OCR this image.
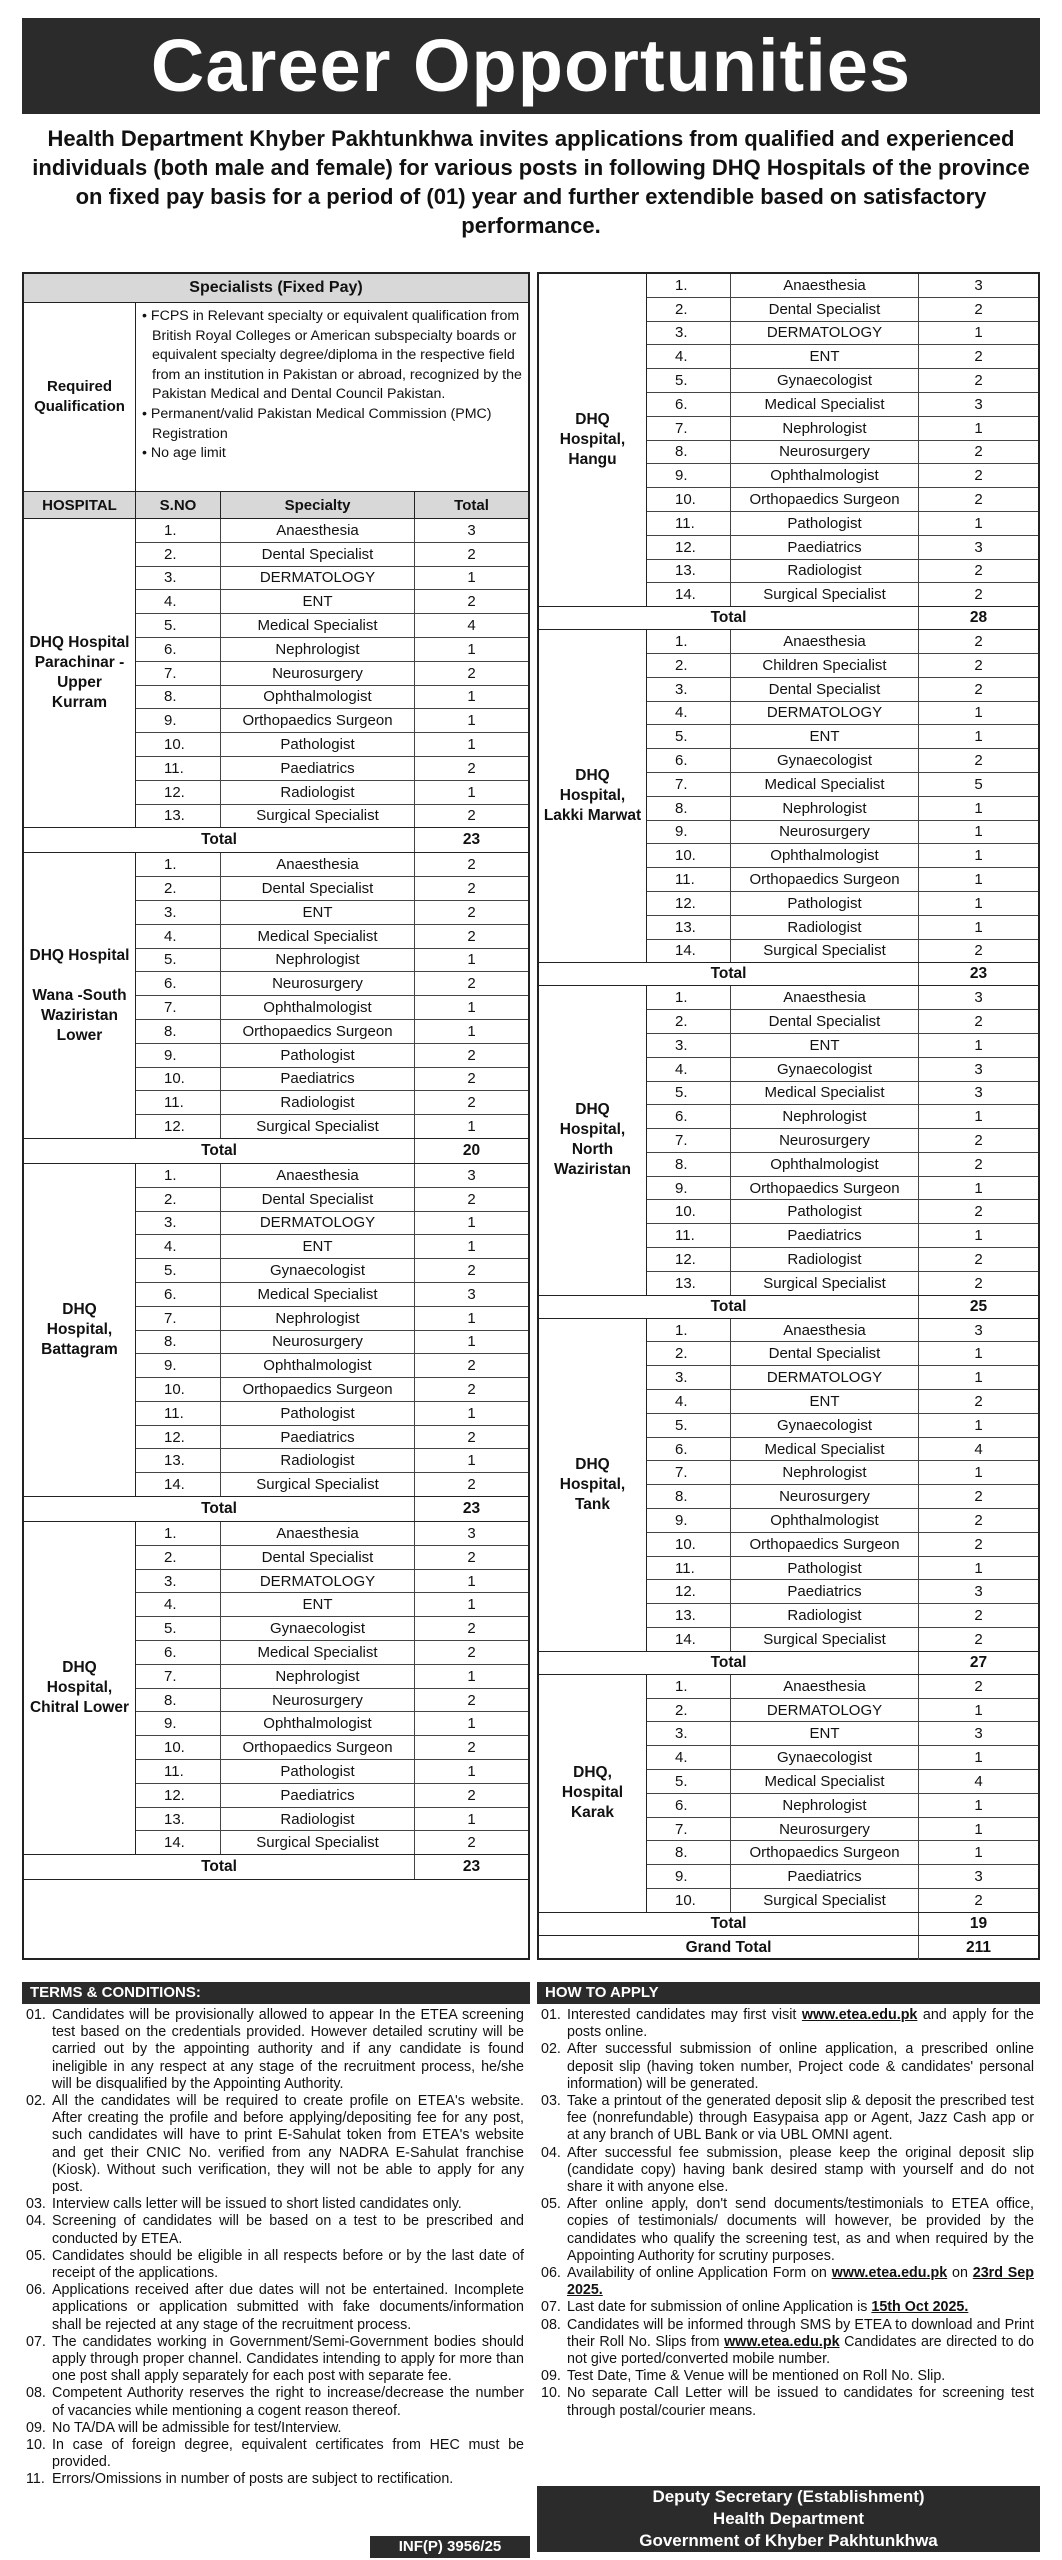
Career Opportunities
Health Department Khyber Pakhtunkhwa invites applications from qualified and experienced individuals (both male and female) for various posts in following DHQ Hospitals of the province on fixed pay basis for a period of (01) year and further extendible based on satisfactory performance.
Specialists (Fixed Pay)
Required Qualification
• FCPS in Relevant specialty or equivalent qualification from British Royal Colleges or American subspecialty boards or equivalent specialty degree/diploma in the respective field from an institution in Pakistan or abroad, recognized by the Pakistan Medical and Dental Council Pakistan.
• Permanent/valid Pakistan Medical Commission (PMC) Registration
• No age limit
HOSPITAL	S.NO	Specialty	Total
DHQ Hospital Parachinar - Upper Kurram
1.	Anaesthesia	3
2.	Dental Specialist	2
3.	DERMATOLOGY	1
4.	ENT	2
5.	Medical Specialist	4
6.	Nephrologist	1
7.	Neurosurgery	2
8.	Ophthalmologist	1
9.	Orthopaedics Surgeon	1
10.	Pathologist	1
11.	Paediatrics	2
12.	Radiologist	1
13.	Surgical Specialist	2
Total	23
DHQ Hospital

Wana -South Waziristan Lower
1.	Anaesthesia	2
2.	Dental Specialist	2
3.	ENT	2
4.	Medical Specialist	2
5.	Nephrologist	1
6.	Neurosurgery	2
7.	Ophthalmologist	1
8.	Orthopaedics Surgeon	1
9.	Pathologist	2
10.	Paediatrics	2
11.	Radiologist	2
12.	Surgical Specialist	1
Total	20
DHQ Hospital, Battagram
1.	Anaesthesia	3
2.	Dental Specialist	2
3.	DERMATOLOGY	1
4.	ENT	1
5.	Gynaecologist	2
6.	Medical Specialist	3
7.	Nephrologist	1
8.	Neurosurgery	1
9.	Ophthalmologist	2
10.	Orthopaedics Surgeon	2
11.	Pathologist	1
12.	Paediatrics	2
13.	Radiologist	1
14.	Surgical Specialist	2
Total	23
DHQ Hospital, Chitral Lower
1.	Anaesthesia	3
2.	Dental Specialist	2
3.	DERMATOLOGY	1
4.	ENT	1
5.	Gynaecologist	2
6.	Medical Specialist	2
7.	Nephrologist	1
8.	Neurosurgery	2
9.	Ophthalmologist	1
10.	Orthopaedics Surgeon	2
11.	Pathologist	1
12.	Paediatrics	2
13.	Radiologist	1
14.	Surgical Specialist	2
Total	23
DHQ Hospital, Hangu
1.	Anaesthesia	3
2.	Dental Specialist	2
3.	DERMATOLOGY	1
4.	ENT	2
5.	Gynaecologist	2
6.	Medical Specialist	3
7.	Nephrologist	1
8.	Neurosurgery	2
9.	Ophthalmologist	2
10.	Orthopaedics Surgeon	2
11.	Pathologist	1
12.	Paediatrics	3
13.	Radiologist	2
14.	Surgical Specialist	2
Total	28
DHQ Hospital, Lakki Marwat
1.	Anaesthesia	2
2.	Children Specialist	2
3.	Dental Specialist	2
4.	DERMATOLOGY	1
5.	ENT	1
6.	Gynaecologist	2
7.	Medical Specialist	5
8.	Nephrologist	1
9.	Neurosurgery	1
10.	Ophthalmologist	1
11.	Orthopaedics Surgeon	1
12.	Pathologist	1
13.	Radiologist	1
14.	Surgical Specialist	2
Total	23
DHQ Hospital, North Waziristan
1.	Anaesthesia	3
2.	Dental Specialist	2
3.	ENT	1
4.	Gynaecologist	3
5.	Medical Specialist	3
6.	Nephrologist	1
7.	Neurosurgery	2
8.	Ophthalmologist	2
9.	Orthopaedics Surgeon	1
10.	Pathologist	2
11.	Paediatrics	1
12.	Radiologist	2
13.	Surgical Specialist	2
Total	25
DHQ Hospital, Tank
1.	Anaesthesia	3
2.	Dental Specialist	1
3.	DERMATOLOGY	1
4.	ENT	2
5.	Gynaecologist	1
6.	Medical Specialist	4
7.	Nephrologist	1
8.	Neurosurgery	2
9.	Ophthalmologist	2
10.	Orthopaedics Surgeon	2
11.	Pathologist	1
12.	Paediatrics	3
13.	Radiologist	2
14.	Surgical Specialist	2
Total	27
DHQ, Hospital Karak
1.	Anaesthesia	2
2.	DERMATOLOGY	1
3.	ENT	3
4.	Gynaecologist	1
5.	Medical Specialist	4
6.	Nephrologist	1
7.	Neurosurgery	1
8.	Orthopaedics Surgeon	1
9.	Paediatrics	3
10.	Surgical Specialist	2
Total	19
Grand Total	211
TERMS & CONDITIONS:
01. Candidates will be provisionally allowed to appear In the ETEA screening test based on the credentials provided. However detailed scrutiny will be carried out by the appointing authority and if any candidate is found ineligible in any respect at any stage of the recruitment process, he/she will be disqualified by the Appointing Authority.
02. All the candidates will be required to create profile on ETEA's website. After creating the profile and before applying/depositing fee for any post, such candidates will have to print E-Sahulat token from ETEA's website and get their CNIC No. verified from any NADRA E-Sahulat franchise (Kiosk). Without such verification, they will not be able to apply for any post.
03. Interview calls letter will be issued to short listed candidates only.
04. Screening of candidates will be based on a test to be prescribed and conducted by ETEA.
05. Candidates should be eligible in all respects before or by the last date of receipt of the applications.
06. Applications received after due dates will not be entertained. Incomplete applications or application submitted with fake documents/information shall be rejected at any stage of the recruitment process.
07. The candidates working in Government/Semi-Government bodies should apply through proper channel. Candidates intending to apply for more than one post shall apply separately for each post with separate fee.
08. Competent Authority reserves the right to increase/decrease the number of vacancies while mentioning a cogent reason thereof.
09. No TA/DA will be admissible for test/Interview.
10. In case of foreign degree, equivalent certificates from HEC must be provided.
11. Errors/Omissions in number of posts are subject to rectification.
HOW TO APPLY
01. Interested candidates may first visit www.etea.edu.pk and apply for the posts online.
02. After successful submission of online application, a prescribed online deposit slip (having token number, Project code & candidates' personal information) will be generated.
03. Take a printout of the generated deposit slip & deposit the prescribed test fee (nonrefundable) through Easypaisa app or Agent, Jazz Cash app or at any branch of UBL Bank or via UBL OMNI agent.
04. After successful fee submission, please keep the original deposit slip (candidate copy) having bank desired stamp with yourself and do not share it with anyone else.
05. After online apply, don't send documents/testimonials to ETEA office, copies of testimonials/ documents will however, be provided by the candidates who qualify the screening test, as and when required by the Appointing Authority for scrutiny purposes.
06. Availability of online Application Form on www.etea.edu.pk on 23rd Sep 2025.
07. Last date for submission of online Application is 15th Oct 2025.
08. Candidates will be informed through SMS by ETEA to download and Print their Roll No. Slips from www.etea.edu.pk Candidates are directed to do not give ported/converted mobile number.
09. Test Date, Time & Venue will be mentioned on Roll No. Slip.
10. No separate Call Letter will be issued to candidates for screening test through postal/courier means.
Deputy Secretary (Establishment)
Health Department
Government of Khyber Pakhtunkhwa
INF(P) 3956/25
